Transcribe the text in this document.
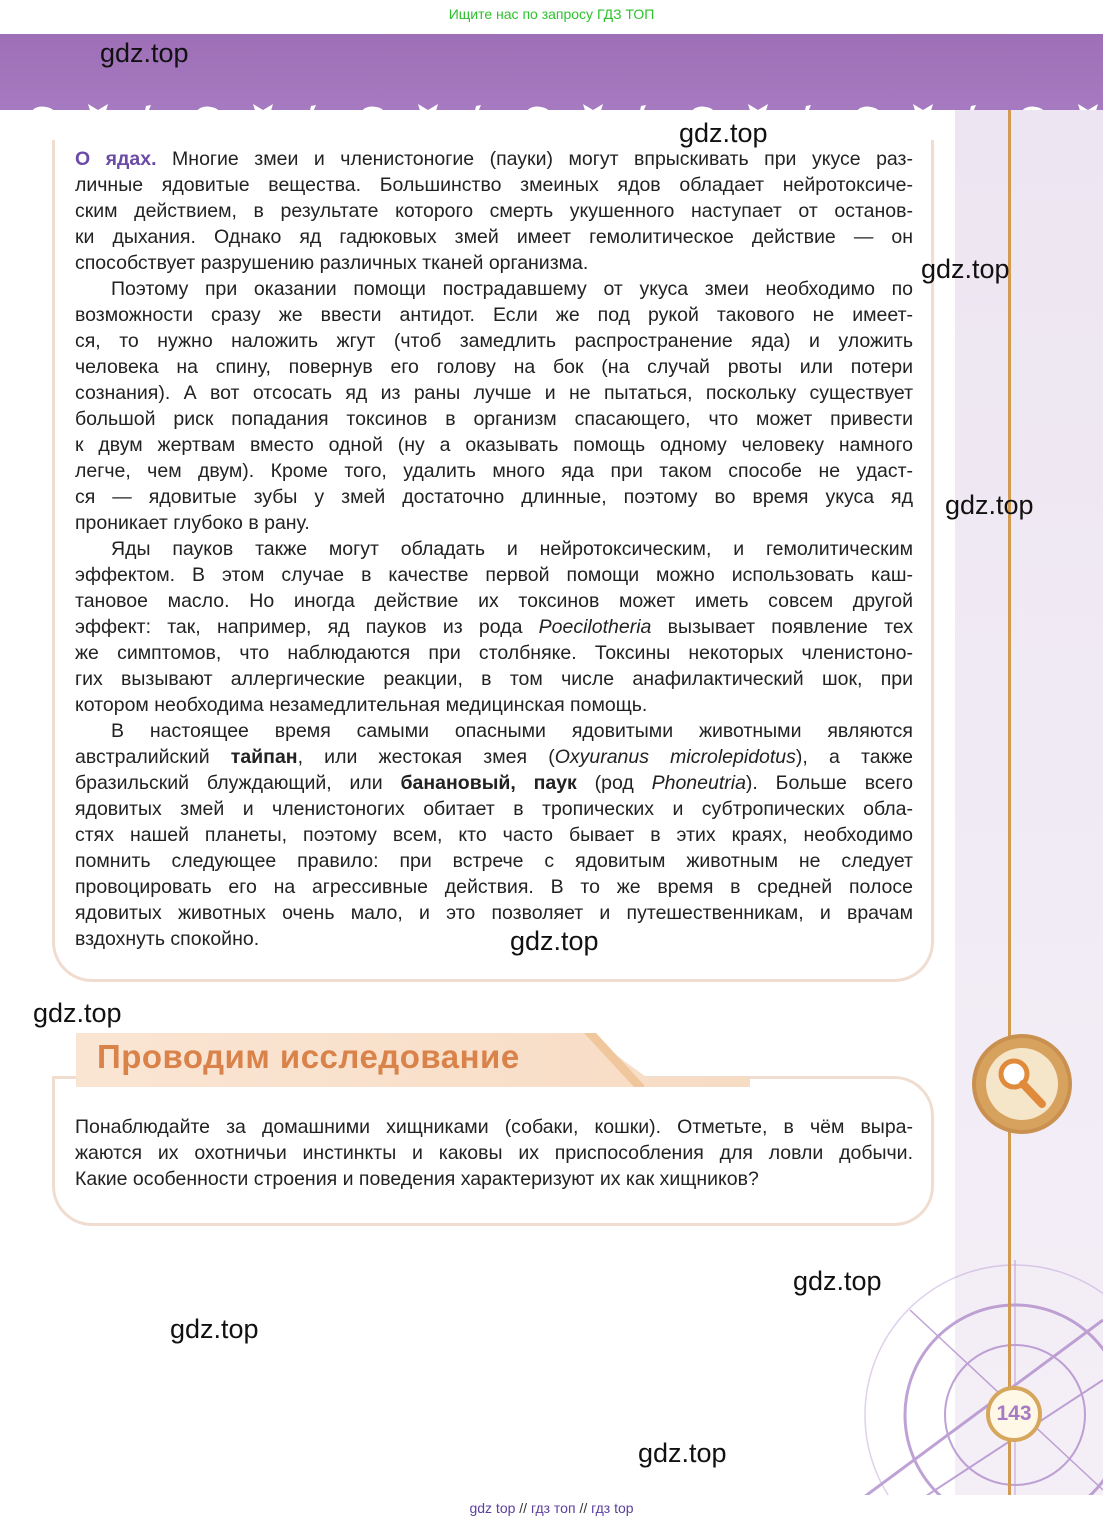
Ищите нас по запросу ГДЗ ТОП
О ядах. Многие змеи и членистоногие (пауки) могут впрыскивать при укусе раз-
личные ядовитые вещества. Большинство змеиных ядов обладает нейротоксиче-
ским действием, в результате которого смерть укушенного наступает от останов-
ки дыхания. Однако яд гадюковых змей имеет гемолитическое действие — он
способствует разрушению различных тканей организма.
Поэтому при оказании помощи пострадавшему от укуса змеи необходимо по
возможности сразу же ввести антидот. Если же под рукой такового не имеет-
ся, то нужно наложить жгут (чтоб замедлить распространение яда) и уложить
человека на спину, повернув его голову на бок (на случай рвоты или потери
сознания). А вот отсосать яд из раны лучше и не пытаться, поскольку существует
большой риск попадания токсинов в организм спасающего, что может привести
к двум жертвам вместо одной (ну а оказывать помощь одному человеку намного
легче, чем двум). Кроме того, удалить много яда при таком способе не удаст-
ся — ядовитые зубы у змей достаточно длинные, поэтому во время укуса яд
проникает глубоко в рану.
Яды пауков также могут обладать и нейротоксическим, и гемолитическим
эффектом. В этом случае в качестве первой помощи можно использовать каш-
тановое масло. Но иногда действие их токсинов может иметь совсем другой
эффект: так, например, яд пауков из рода Poecilotheria вызывает появление тех
же симптомов, что наблюдаются при столбняке. Токсины некоторых членистоно-
гих вызывают аллергические реакции, в том числе анафилактический шок, при
котором необходима незамедлительная медицинская помощь.
В настоящее время самыми опасными ядовитыми животными являются
австралийский тайпан, или жестокая змея (Oxyuranus microlepidotus), а также
бразильский блуждающий, или банановый, паук (род Phoneutria). Больше всего
ядовитых змей и членистоногих обитает в тропических и субтропических обла-
стях нашей планеты, поэтому всем, кто часто бывает в этих краях, необходимо
помнить следующее правило: при встрече с ядовитым животным не следует
провоцировать его на агрессивные действия. В то же время в средней полосе
ядовитых животных очень мало, и это позволяет и путешественникам, и врачам
вздохнуть спокойно.
Проводим исследование
Понаблюдайте за домашними хищниками (собаки, кошки). Отметьте, в чём выра-
жаются их охотничьи инстинкты и каковы их приспособления для ловли добычи.
Какие особенности строения и поведения характеризуют их как хищников?
143
gdz.top
gdz.top
gdz.top
gdz.top
gdz.top
gdz.top
gdz.top
gdz.top
gdz.top
gdz top // гдз топ // гдз top
